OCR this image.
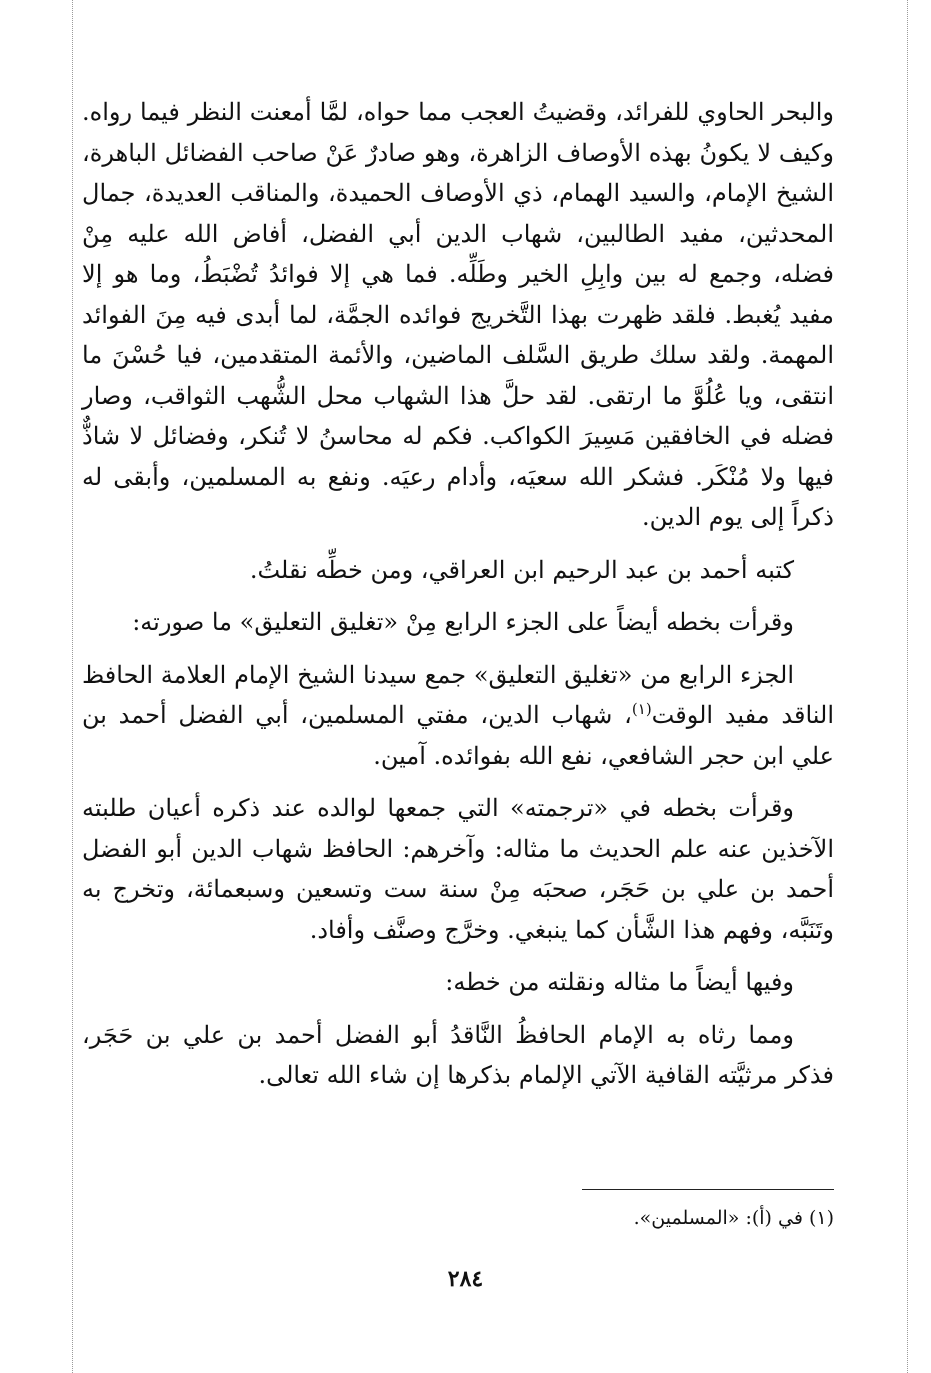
والبحر الحاوي للفرائد، وقضيتُ العجب مما حواه، لمَّا أمعنت النظر فيما رواه. وكيف لا يكونُ بهذه الأوصاف الزاهرة، وهو صادرٌ عَنْ صاحب الفضائل الباهرة، الشيخ الإمام، والسيد الهمام، ذي الأوصاف الحميدة، والمناقب العديدة، جمال المحدثين، مفيد الطالبين، شهاب الدين أبي الفضل، أفاض الله عليه مِنْ فضله، وجمع له بين وابِلِ الخير وطَلِّه. فما هي إلا فوائدُ تُضْبَطُ، وما هو إلا مفيد يُغبط. فلقد ظهرت بهذا التَّخريج فوائده الجمَّة، لما أبدى فيه مِنَ الفوائد المهمة. ولقد سلك طريق السَّلف الماضين، والأئمة المتقدمين، فيا حُسْنَ ما انتقى، ويا عُلُوَّ ما ارتقى. لقد حلَّ هذا الشهاب محل الشُّهب الثواقب، وصار فضله في الخافقين مَسِيرَ الكواكب. فكم له محاسنُ لا تُنكر، وفضائل لا شاذٌّ فيها ولا مُنْكَر. فشكر الله سعيَه، وأدام رعيَه. ونفع به المسلمين، وأبقى له ذكراً إلى يوم الدين.

كتبه أحمد بن عبد الرحيم ابن العراقي، ومن خطِّه نقلتُ.

وقرأت بخطه أيضاً على الجزء الرابع مِنْ «تغليق التعليق» ما صورته:

الجزء الرابع من «تغليق التعليق» جمع سيدنا الشيخ الإمام العلامة الحافظ الناقد مفيد الوقت$^{(١)}$، شهاب الدين، مفتي المسلمين، أبي الفضل أحمد بن علي ابن حجر الشافعي، نفع الله بفوائده. آمين.

وقرأت بخطه في «ترجمته» التي جمعها لوالده عند ذكره أعيان طلبته الآخذين عنه علم الحديث ما مثاله: وآخرهم: الحافظ شهاب الدين أبو الفضل أحمد بن علي بن حَجَر، صحبَه مِنْ سنة ست وتسعين وسبعمائة، وتخرج به وتَنَبَّه، وفهم هذا الشَّأن كما ينبغي. وخرَّج وصنَّف وأفاد.

وفيها أيضاً ما مثاله ونقلته من خطه:

ومما رثاه به الإمام الحافظُ النَّاقدُ أبو الفضل أحمد بن علي بن حَجَر، فذكر مرثيَّته القافية الآتي الإلمام بذكرها إن شاء الله تعالى.

(١) في (أ): «المسلمين».
٢٨٤
